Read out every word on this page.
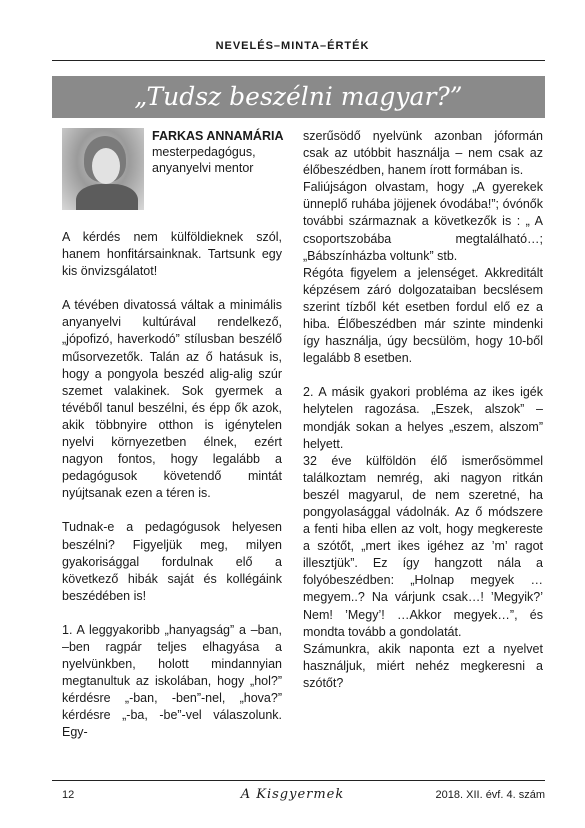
NEVELÉS–MINTA–ÉRTÉK
„Tudsz beszélni magyar?”
FARKAS ANNAMÁRIA
mesterpedagógus,
anyanyelvi mentor

A kérdés nem külföldieknek szól, hanem honfitársainknak. Tartsunk egy kis önvizsgálatot!

A tévében divatossá váltak a minimális anyanyelvi kultúrával rendelkező, „jópofizó, haverkodó” stílusban beszélő műsorvezetők. Talán az ő hatásuk is, hogy a pongyola beszéd alig-alig szúr szemet valakinek. Sok gyermek a tévéből tanul beszélni, és épp ők azok, akik többnyire otthon is igénytelen nyelvi környezetben élnek, ezért nagyon fontos, hogy legalább a pedagógusok követendő mintát nyújtsanak ezen a téren is.

Tudnak-e a pedagógusok helyesen beszélni? Figyeljük meg, milyen gyakorisággal fordulnak elő a következő hibák saját és kollégáink beszédében is!

1. A leggyakoribb „hanyagság” a –ban, –ben ragpár teljes elhagyása a nyelvünkben, holott mindannyian megtanultuk az iskolában, hogy „hol?” kérdésre „-ban, -ben”-nel, „hova?” kérdésre „-ba, -be”-vel válaszolunk. Egy-

szerűsödő nyelvünk azonban jóformán csak az utóbbit használja – nem csak az élőbeszédben, hanem írott formában is.

Faliújságon olvastam, hogy „A gyerekek ünneplő ruhába jöjjenek óvodába!”; óvónők további származnak a következők is : „ A csoportszobába megtalálható…; „Bábszínházba voltunk” stb.

Régóta figyelem a jelenséget. Akkreditált képzésem záró dolgozataiban becslésem szerint tízből két esetben fordul elő ez a hiba. Élőbeszédben már szinte mindenki így használja, úgy becsülöm, hogy 10-ből legalább 8 esetben.

2. A másik gyakori probléma az ikes igék helytelen ragozása. „Eszek, alszok” – mondják sokan a helyes „eszem, alszom” helyett.

32 éve külföldön élő ismerősömmel találkoztam nemrég, aki nagyon ritkán beszél magyarul, de nem szeretné, ha pongyolasággal vádolnák. Az ő módszere a fenti hiba ellen az volt, hogy megkereste a szótőt, „mert ikes igéhez az ’m’ ragot illesztjük”. Ez így hangzott nála a folyóbeszédben: „Holnap megyek … megyem..? Na várjunk csak…! ’Megyik?’ Nem! ’Megy’! …Akkor megyek…”, és mondta tovább a gondolatát.

Számunkra, akik naponta ezt a nyelvet használjuk, miért nehéz megkeresni a szótőt?

12	A Kisgyermek	2018. XII. évf. 4. szám
